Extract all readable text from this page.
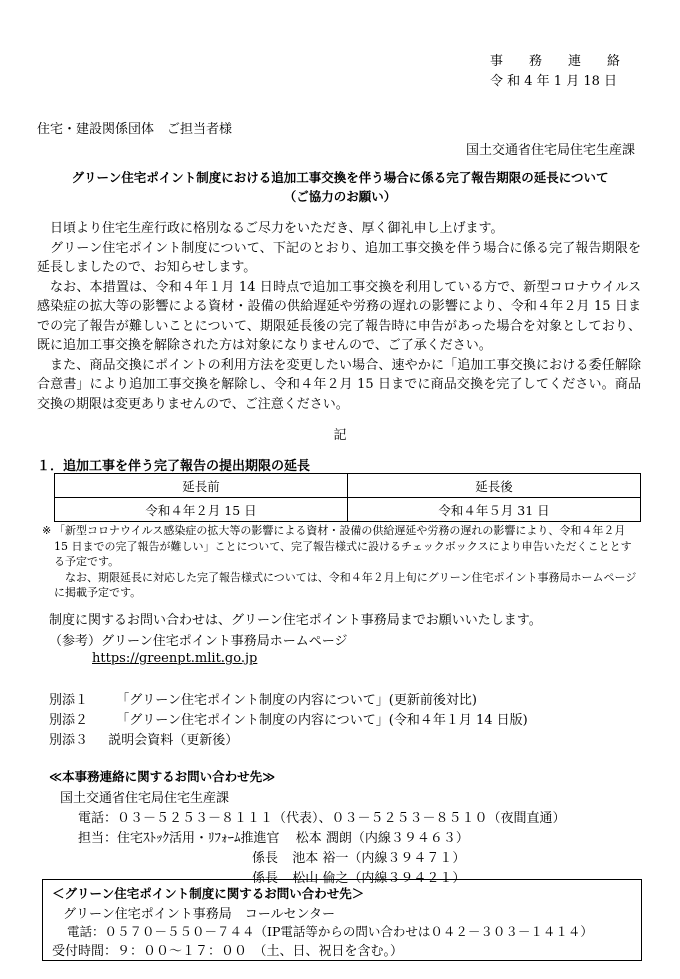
事　　務　　連　　絡
令 和 4 年 1 月 18 日
住宅・建設関係団体　ご担当者様
国土交通省住宅局住宅生産課
グリーン住宅ポイント制度における追加工事交換を伴う場合に係る完了報告期限の延長について
（ご協力のお願い）
日頃より住宅生産行政に格別なるご尽力をいただき、厚く御礼申し上げます。
グリーン住宅ポイント制度について、下記のとおり、追加工事交換を伴う場合に係る完了報告期限を延長しましたので、お知らせします。
なお、本措置は、令和４年１月 14 日時点で追加工事交換を利用している方で、新型コロナウイルス感染症の拡大等の影響による資材・設備の供給遅延や労務の遅れの影響により、令和４年２月 15 日までの完了報告が難しいことについて、期限延長後の完了報告時に申告があった場合を対象としており、既に追加工事交換を解除された方は対象になりませんので、ご了承ください。
また、商品交換にポイントの利用方法を変更したい場合、速やかに「追加工事交換における委任解除合意書」により追加工事交換を解除し、令和４年２月 15 日までに商品交換を完了してください。商品交換の期限は変更ありませんので、ご注意ください。
記
１．追加工事を伴う完了報告の提出期限の延長
延長前	延長後
令和４年２月 15 日	令和４年５月 31 日
※ 「新型コロナウイルス感染症の拡大等の影響による資材・設備の供給遅延や労務の遅れの影響により、令和４年２月 15 日までの完了報告が難しい」ことについて、完了報告様式に設けるチェックボックスにより申告いただくこととする予定です。
なお、期限延長に対応した完了報告様式については、令和４年２月上旬にグリーン住宅ポイント事務局ホームページに掲載予定です。
制度に関するお問い合わせは、グリーン住宅ポイント事務局までお願いいたします。
（参考）グリーン住宅ポイント事務局ホームページ
https://greenpt.mlit.go.jp
別添１ 「グリーン住宅ポイント制度の内容について」(更新前後対比)
別添２ 「グリーン住宅ポイント制度の内容について」(令和４年１月 14 日版)
別添３ 説明会資料（更新後）
≪本事務連絡に関するお問い合わせ先≫
国土交通省住宅局住宅生産課
電話：０３－５２５３－８１１１（代表）、０３－５２５３－８５１０（夜間直通）
担当：住宅ｽﾄｯｸ活用・ﾘﾌｫｰﾑ推進官 松本 潤朗（内線３９４６３）
係長 池本 裕一（内線３９４７１）
係長 松山 倫之（内線３９４２１）
＜グリーン住宅ポイント制度に関するお問い合わせ先＞
グリーン住宅ポイント事務局　コールセンター
電話：０５７０－５５０－７４４（IP電話等からの問い合わせは０４２－３０３－１４１４）
受付時間：９：００～１７：００　（土、日、祝日を含む。）
